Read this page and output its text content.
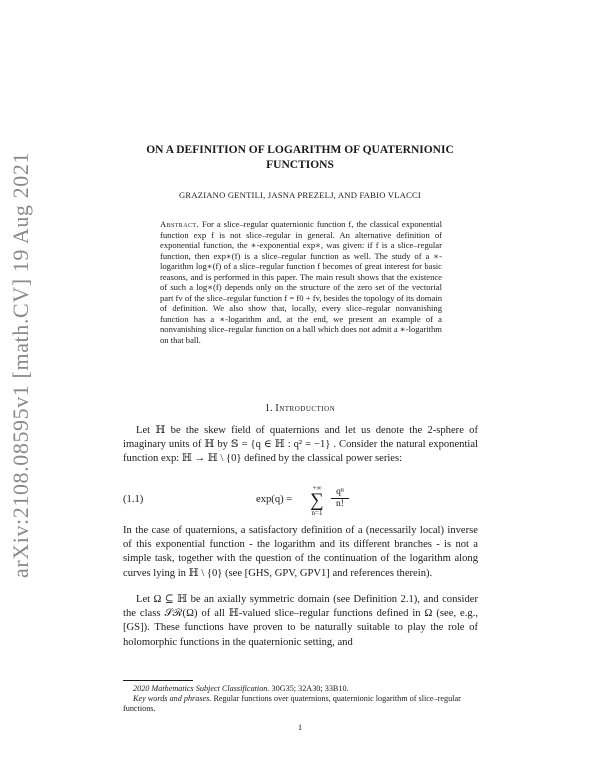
arXiv:2108.08595v1 [math.CV] 19 Aug 2021
ON A DEFINITION OF LOGARITHM OF QUATERNIONIC
FUNCTIONS
GRAZIANO GENTILI, JASNA PREZELJ, AND FABIO VLACCI
Abstract. For a slice–regular quaternionic function f, the classical exponential function exp f is not slice–regular in general. An alternative definition of exponential function, the ∗-exponential exp∗, was given: if f is a slice–regular function, then exp∗(f) is a slice–regular function as well. The study of a ∗-logarithm log∗(f) of a slice–regular function f becomes of great interest for basic reasons, and is performed in this paper. The main result shows that the existence of such a log∗(f) depends only on the structure of the zero set of the vectorial part fv of the slice–regular function f = f0 + fv, besides the topology of its domain of definition. We also show that, locally, every slice–regular nonvanishing function has a ∗-logarithm and, at the end, we present an example of a nonvanishing slice–regular function on a ball which does not admit a ∗-logarithm on that ball.
1. Introduction

Let ℍ be the skew field of quaternions and let us denote the 2-sphere of imaginary units of ℍ by 𝕊 = {q ∈ ℍ : q² = −1} . Consider the natural exponential function exp: ℍ → ℍ \ {0} defined by the classical power series:

(1.1)	exp(q) =
+∞
∑
n=1
$\frac{\text{qⁿ}}{n!}$

In the case of quaternions, a satisfactory definition of a (necessarily local) inverse of this exponential function - the logarithm and its different branches - is not a simple task, together with the question of the continuation of the logarithm along curves lying in ℍ \ {0} (see [GHS, GPV, GPV1] and references therein).

Let Ω ⊆ ℍ be an axially symmetric domain (see Definition 2.1), and consider the class 𝒮ℛ(Ω) of all ℍ-valued slice–regular functions defined in Ω (see, e.g.,[GS]). These functions have proven to be naturally suitable to play the role of holomorphic functions in the quaternionic setting, and

2020 Mathematics Subject Classification. 30G35; 32A30; 33B10.

Key words and phrases. Regular functions over quaternions, quaternionic logarithm of slice–regular functions.

1
